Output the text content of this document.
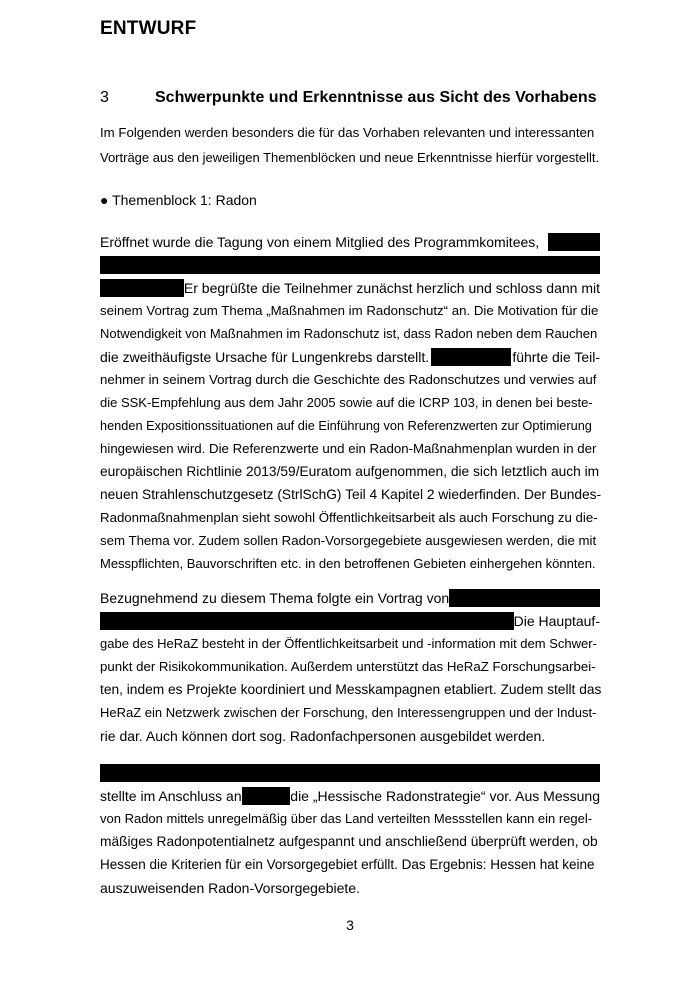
ENTWURF
3	Schwerpunkte und Erkenntnisse aus Sicht des Vorhabens
Im Folgenden werden besonders die für das Vorhaben relevanten und interessanten
Vorträge aus den jeweiligen Themenblöcken und neue Erkenntnisse hierfür vorgestellt.
● Themenblock 1: Radon
Eröffnet wurde die Tagung von einem Mitglied des Programmkomitees,
Er begrüßte die Teilnehmer zunächst herzlich und schloss dann mit
seinem Vortrag zum Thema „Maßnahmen im Radonschutz“ an. Die Motivation für die
Notwendigkeit von Maßnahmen im Radonschutz ist, dass Radon neben dem Rauchen
die zweithäufigste Ursache für Lungenkrebs darstellt.	führte die Teil-
nehmer in seinem Vortrag durch die Geschichte des Radonschutzes und verwies auf
die SSK-Empfehlung aus dem Jahr 2005 sowie auf die ICRP 103, in denen bei beste-
henden Expositionssituationen auf die Einführung von Referenzwerten zur Optimierung
hingewiesen wird. Die Referenzwerte und ein Radon-Maßnahmenplan wurden in der
europäischen Richtlinie 2013/59/Euratom aufgenommen, die sich letztlich auch im
neuen Strahlenschutzgesetz (StrlSchG) Teil 4 Kapitel 2 wiederfinden. Der Bundes-
Radonmaßnahmenplan sieht sowohl Öffentlichkeitsarbeit als auch Forschung zu die-
sem Thema vor. Zudem sollen Radon-Vorsorgegebiete ausgewiesen werden, die mit
Messpflichten, Bauvorschriften etc. in den betroffenen Gebieten einhergehen könnten.
Bezugnehmend zu diesem Thema folgte ein Vortrag von
Die Hauptauf-
gabe des HeRaZ besteht in der Öffentlichkeitsarbeit und -information mit dem Schwer-
punkt der Risikokommunikation. Außerdem unterstützt das HeRaZ Forschungsarbei-
ten, indem es Projekte koordiniert und Messkampagnen etabliert. Zudem stellt das
HeRaZ ein Netzwerk zwischen der Forschung, den Interessengruppen und der Indust-
rie dar. Auch können dort sog. Radonfachpersonen ausgebildet werden.
stellte im Anschluss an	die „Hessische Radonstrategie“ vor. Aus Messung
von Radon mittels unregelmäßig über das Land verteilten Messstellen kann ein regel-
mäßiges Radonpotentialnetz aufgespannt und anschließend überprüft werden, ob
Hessen die Kriterien für ein Vorsorgegebiet erfüllt. Das Ergebnis: Hessen hat keine
auszuweisenden Radon-Vorsorgegebiete.
3
